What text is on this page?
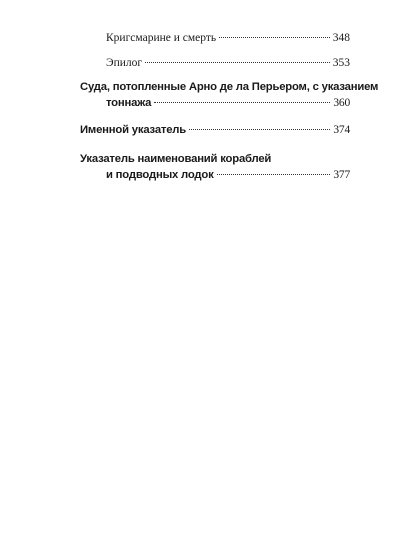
Кригсмарине и смерть	348
Эпилог	353
Суда, потопленные Арно де ла Перьером, с указанием
тоннажа	360
Именной указатель	374
Указатель наименований кораблей
и подводных лодок	377
